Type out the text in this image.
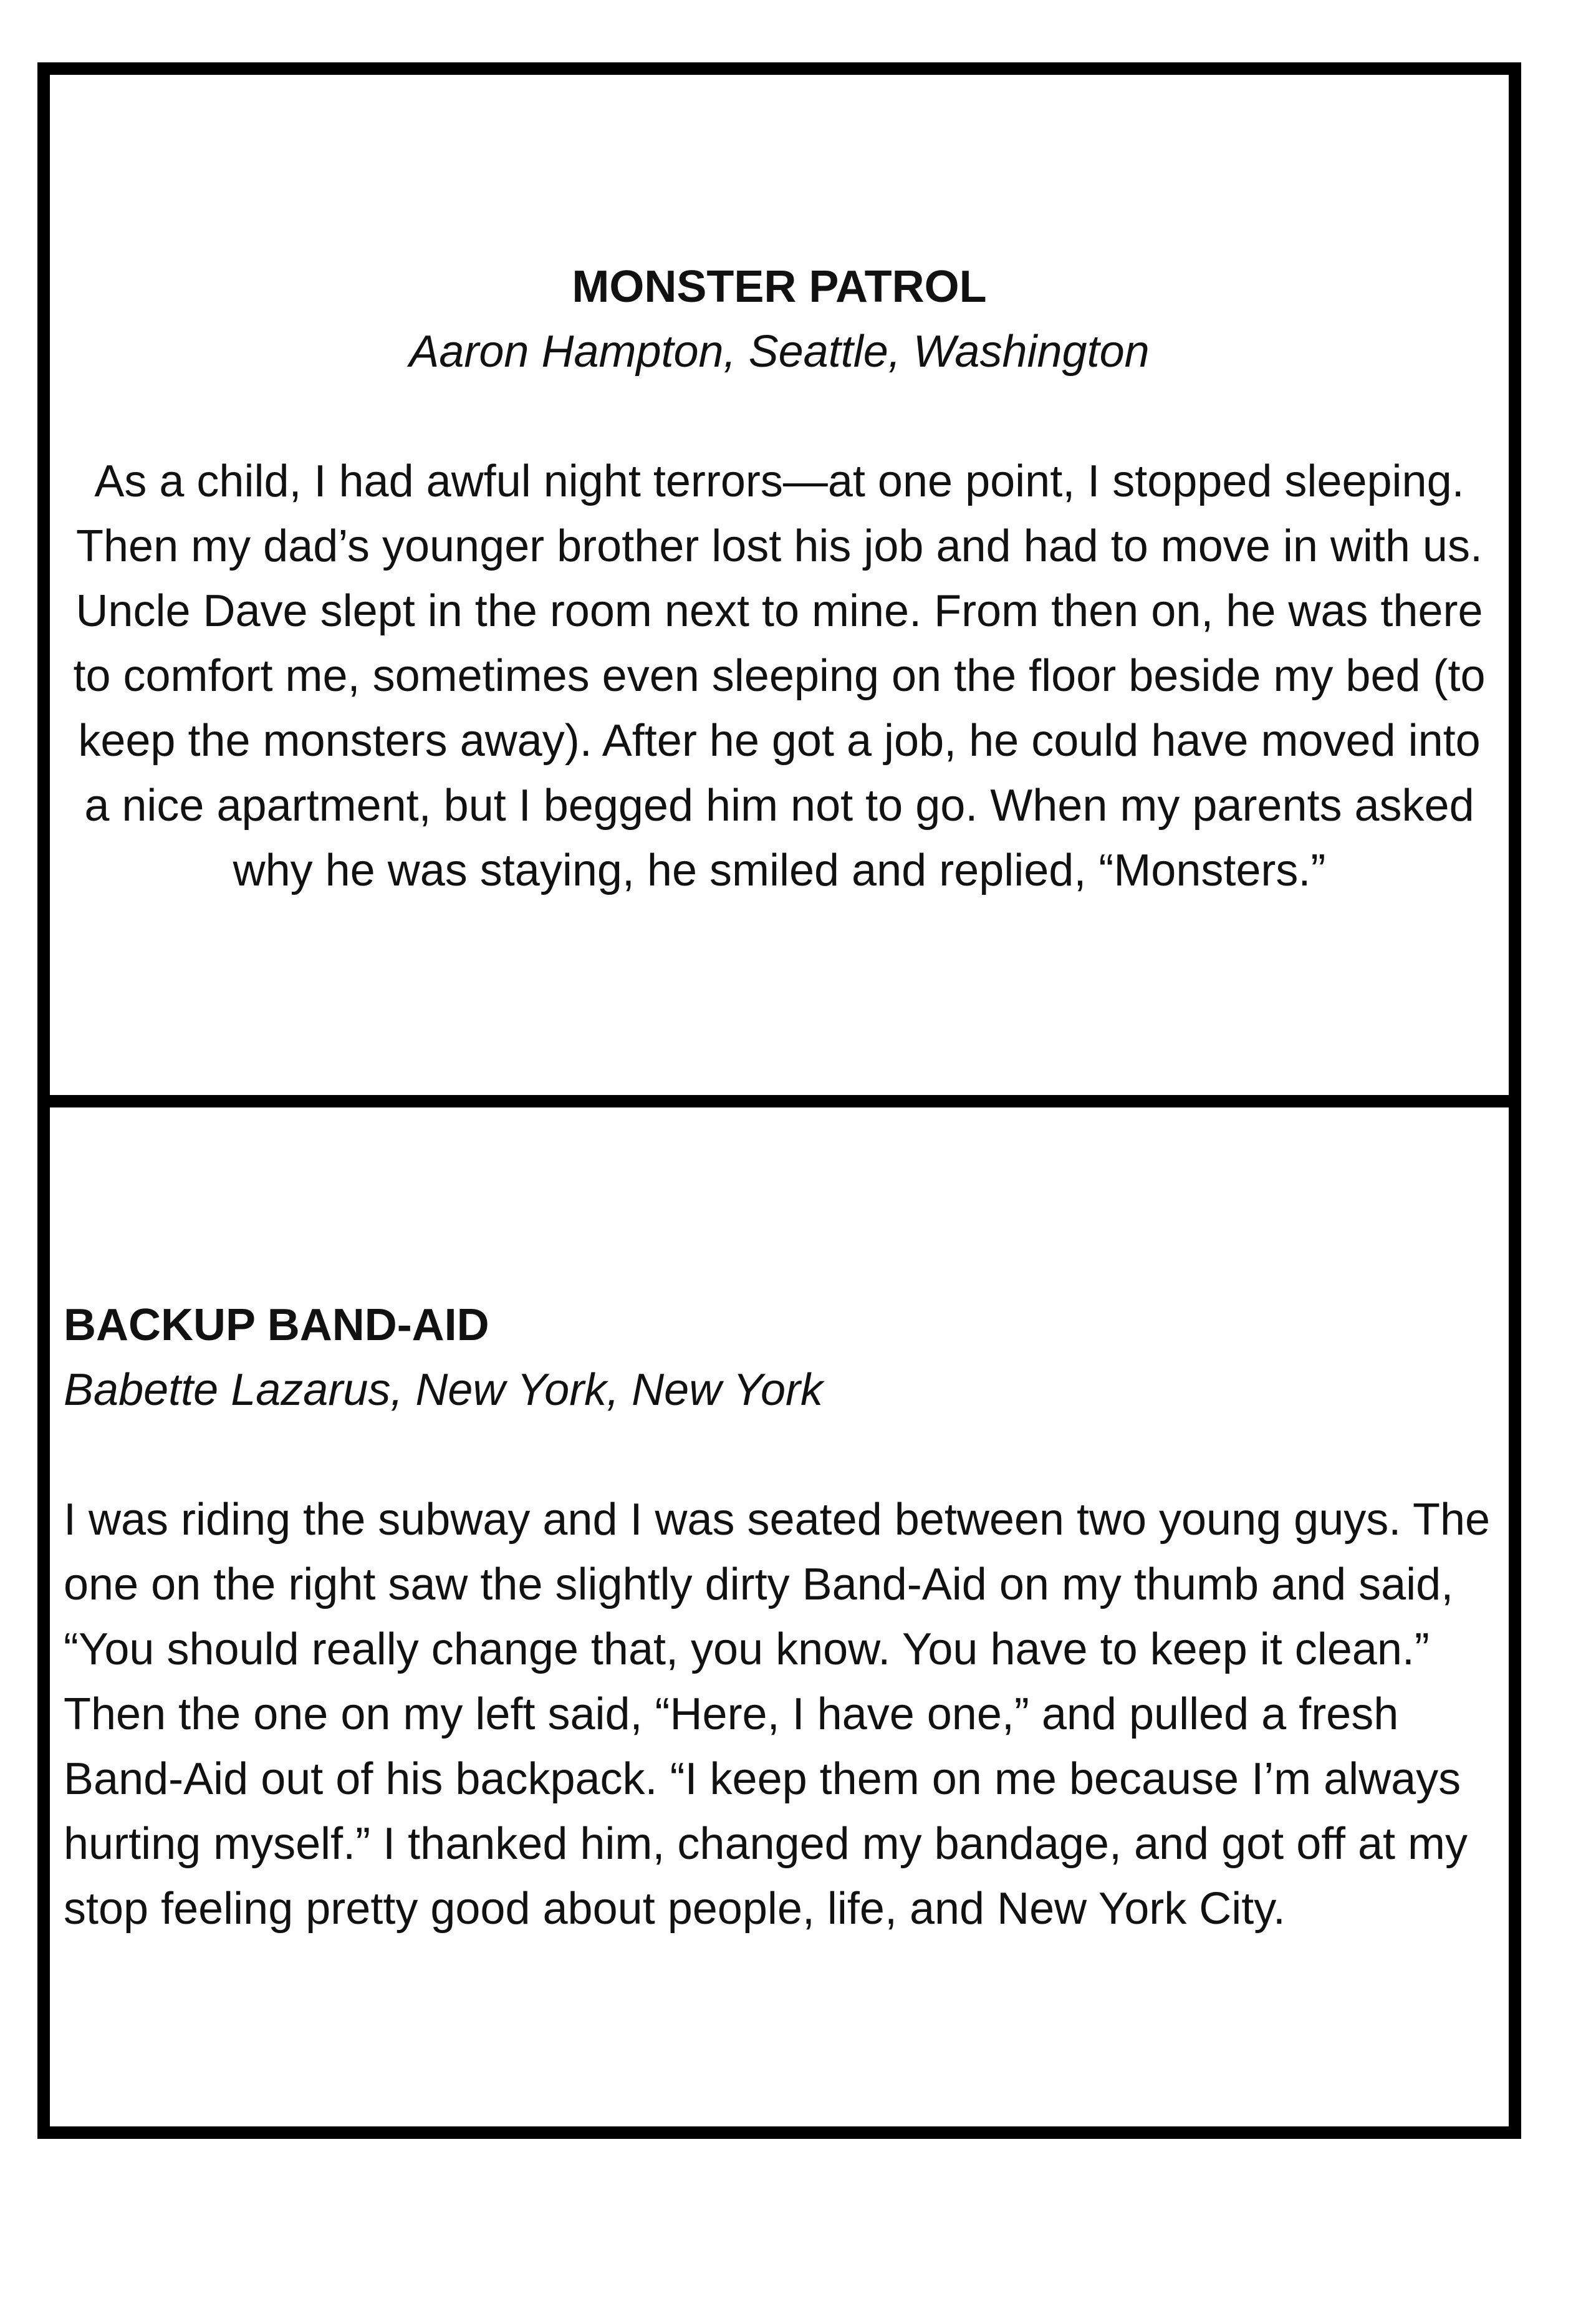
MONSTER PATROL

Aaron Hampton, Seattle, Washington

As a child, I had awful night terrors—at one point, I stopped sleeping. Then my dad’s younger brother lost his job and had to move in with us. Uncle Dave slept in the room next to mine. From then on, he was there to comfort me, sometimes even sleeping on the floor beside my bed (to keep the monsters away). After he got a job, he could have moved into a nice apartment, but I begged him not to go. When my parents asked why he was staying, he smiled and replied, “Monsters.”

BACKUP BAND-AID

Babette Lazarus, New York, New York

I was riding the subway and I was seated between two young guys. The one on the right saw the slightly dirty Band-Aid on my thumb and said, “You should really change that, you know. You have to keep it clean.” Then the one on my left said, “Here, I have one,” and pulled a fresh Band-Aid out of his backpack. “I keep them on me because I’m always hurting myself.” I thanked him, changed my bandage, and got off at my stop feeling pretty good about people, life, and New York City.
